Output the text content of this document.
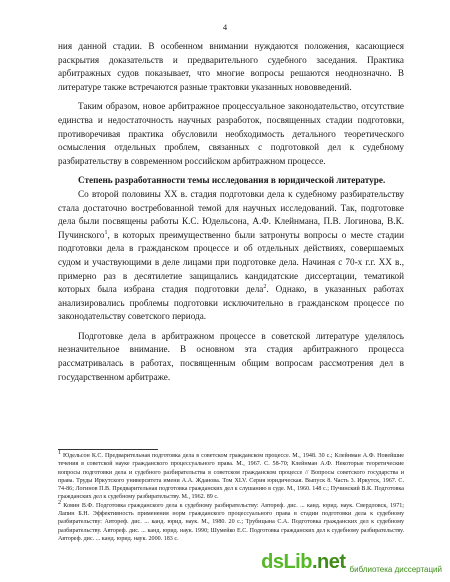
4

ния данной стадии. В особенном внимании нуждаются положения, касающиеся раскрытия доказательств и предварительного судебного заседания. Практика арбитражных судов показывает, что многие вопросы решаются неоднозначно. В литературе также встречаются разные трактовки указанных нововведений.

Таким образом, новое арбитражное процессуальное законодательство, отсутствие единства и недостаточность научных разработок, посвященных стадии подготовки, противоречивая практика обусловили необходимость детального теоретического осмысления отдельных проблем, связанных с подготовкой дел к судебному разбирательству в современном российском арбитражном процессе.

Степень разработанности темы исследования в юридической литературе.

Со второй половины XX в. стадия подготовки дела к судебному разбирательству стала достаточно востребованной темой для научных исследований. Так, подготовке дела были посвящены работы К.С. Юдельсона, А.Ф. Клейнмана, П.В. Логинова, В.К. Пучинского$^1$, в которых преимущественно были затронуты вопросы о месте стадии подготовки дела в гражданском процессе и об отдельных действиях, совершаемых судом и участвующими в деле лицами при подготовке дела. Начиная с 70-х г.г. XX в., примерно раз в десятилетие защищались кандидатские диссертации, тематикой которых была избрана стадия подготовки дела$^2$. Однако, в указанных работах анализировались проблемы подготовки исключительно в гражданском процессе по законодательству советского периода.

Подготовке дела в арбитражном процессе в советской литературе уделялось незначительное внимание. В основном эта стадия арбитражного процесса рассматривалась в работах, посвященным общим вопросам рассмотрения дел в государственном арбитраже.

$^1$ Юдельсон К.С. Предварительная подготовка дела в советском гражданском процессе. М., 1948. 30 с.; Клейнман А.Ф. Новейшие течения в советской науке гражданского процессуального права. М., 1967. С. 58-70; Клейнман А.Ф. Некоторые теоретические вопросы подготовки дела и судебного разбирательства в советском гражданском процессе // Вопросы советского государства и права. Труды Иркутского университета имени А.А. Жданова. Том XLV. Серия юридическая. Выпуск 8. Часть 3. Иркутск, 1967. С. 74-86; Логинов П.В. Предварительная подготовка гражданских дел к слушанию в суде. М., 1960. 148 с.; Пучинский В.К. Подготовка гражданских дел к судебному разбирательству. М., 1962. 89 с.

$^2$ Ковин В.Ф. Подготовка гражданского дела к судебному разбирательству: Автореф. дис. ... канд. юрид. наук. Свердловск, 1971; Лапин Б.Н. Эффективность применения норм гражданского процессуального права в стадии подготовки дела к судебному разбирательству: Автореф. дис. ... канд. юрид. наук. М., 1980. 20 с.; Трубицына С.А. Подготовка гражданских дел к судебному разбирательству. Автореф. дис. ... канд. юрид. наук. 1990; Шумейко Е.С. Подготовка гражданских дел к судебному разбирательству. Автореф. дис. ... канд. юрид. наук. 2000. 183 с.

dsLib.net библиотека диссертаций
